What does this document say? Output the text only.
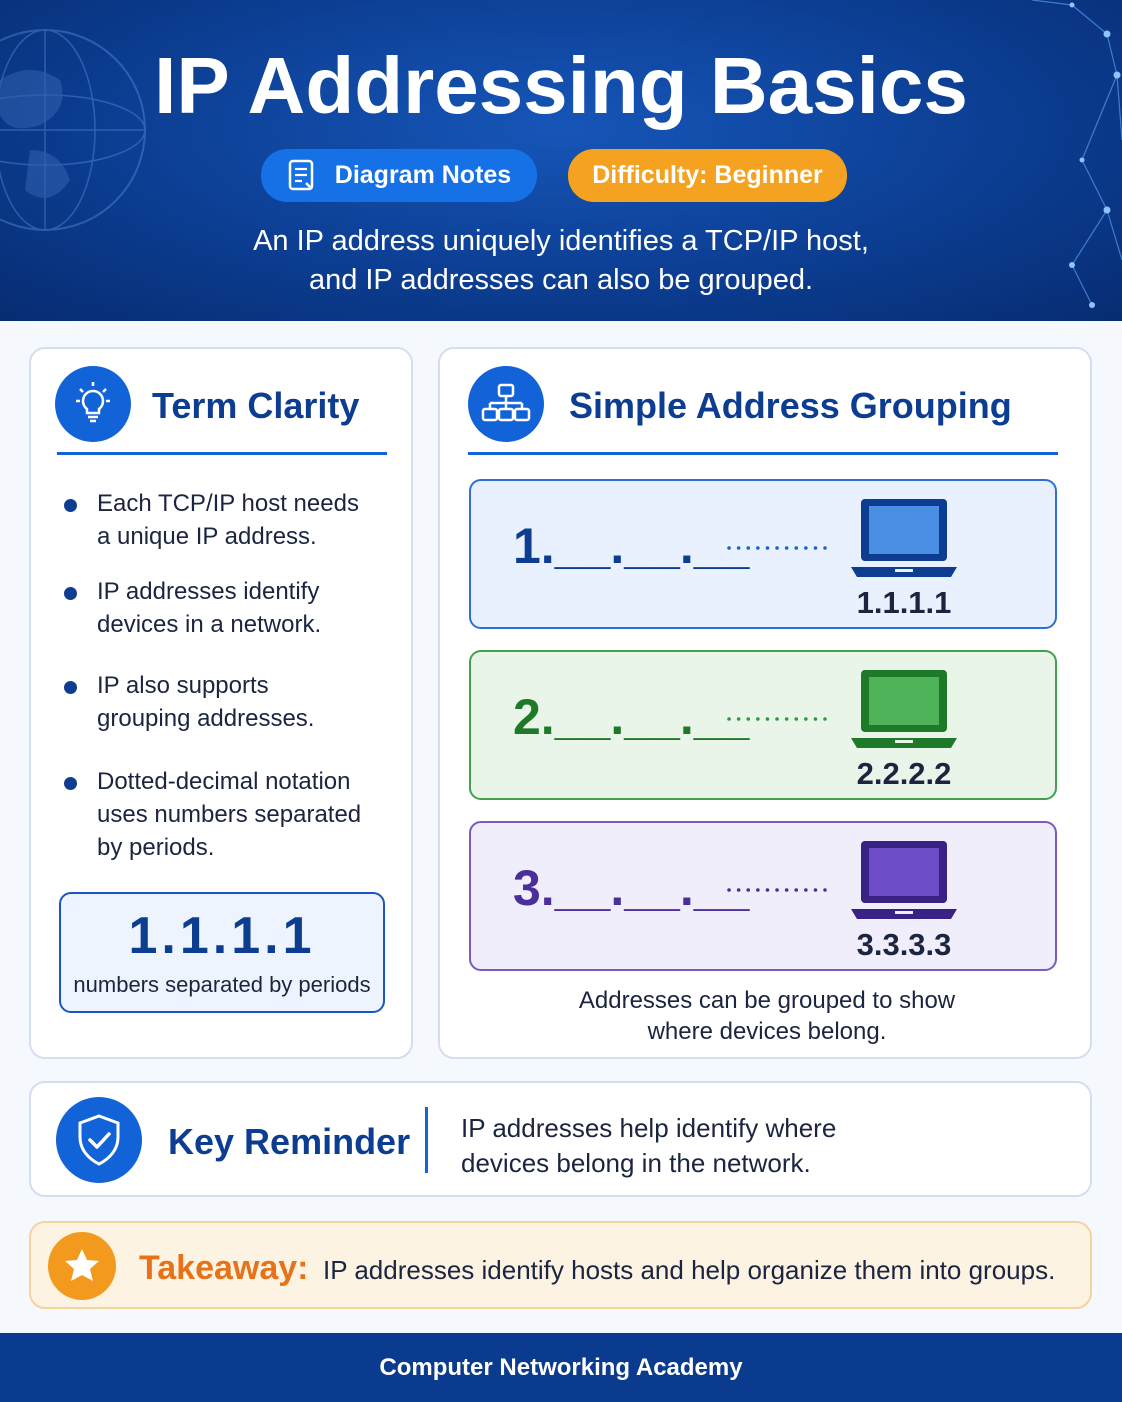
IP Addressing Basics
Diagram Notes	Difficulty: Beginner
An IP address uniquely identifies a TCP/IP host,
and IP addresses can also be grouped.
Term Clarity
Each TCP/IP host needs
a unique IP address.
IP addresses identify
devices in a network.
IP also supports
grouping addresses.
Dotted-decimal notation
uses numbers separated
by periods.
1.1.1.1
numbers separated by periods
Simple Address Grouping
1.__.__.__
1.1.1.1
2.__.__.__
2.2.2.2
3.__.__.__
3.3.3.3
Addresses can be grouped to show
where devices belong.
Key Reminder IP addresses help identify where
devices belong in the network.
Takeaway: IP addresses identify hosts and help organize them into groups.
Computer Networking Academy
